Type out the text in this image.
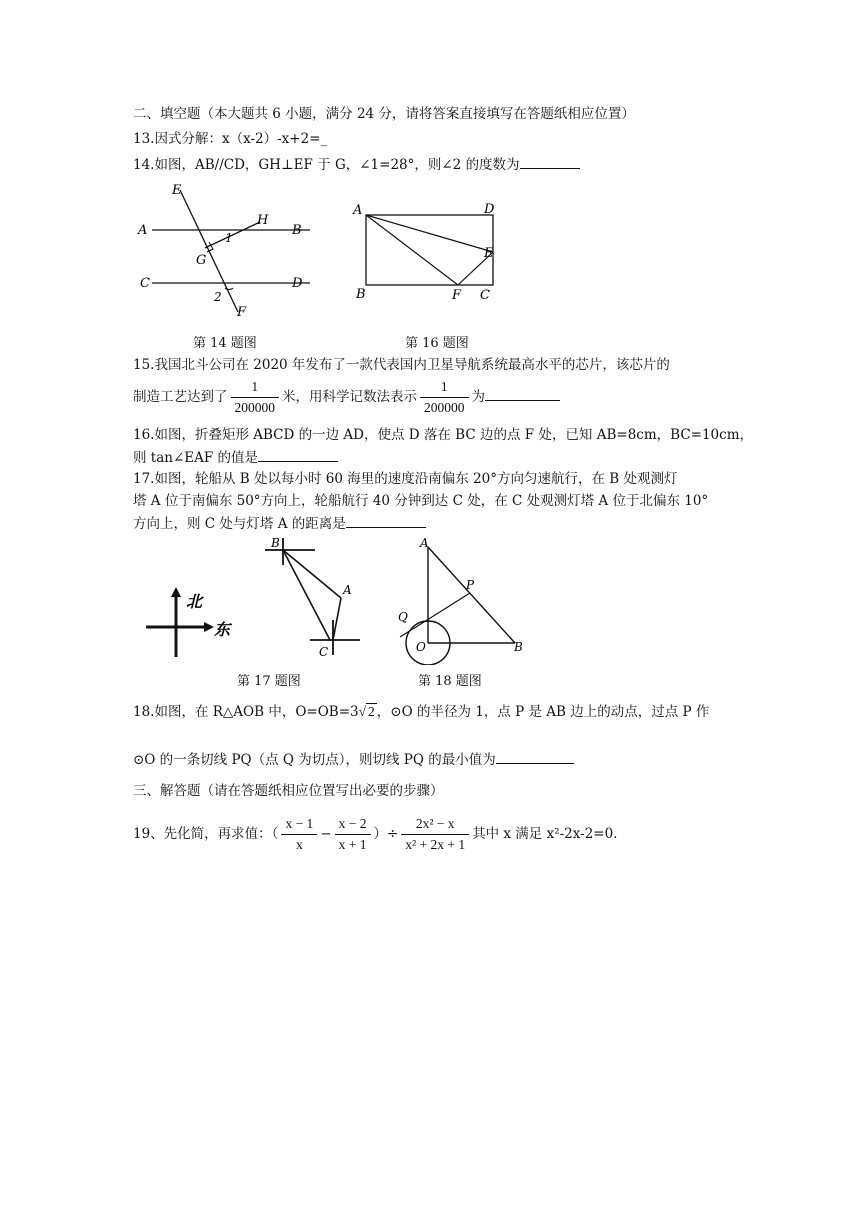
二、填空题（本大题共 6 小题，满分 24 分，请将答案直接填写在答题纸相应位置）
13.因式分解：x（x-2）-x+2=_
14.如图，AB//CD，GH⊥EF 于 G，∠1=28°，则∠2 的度数为
E
A
H
1	B
G
C
2
D
F
A	D
E
B	F C
第 14 题图	第 16 题图
15.我国北斗公司在 2020 年发布了一款代表国内卫星导航系统最高水平的芯片，该芯片的
制造工艺达到了 $\frac{1}{200000}$ 米，用科学记数法表示 $\frac{1}{200000}$ 为
16.如图，折叠矩形 ABCD 的一边 AD，使点 D 落在 BC 边的点 F 处，已知 AB=8cm，BC=10cm，
则 tan∠EAF 的值是
17.如图，轮船从 B 处以每小时 60 海里的速度沿南偏东 20°方向匀速航行，在 B 处观测灯
塔 A 位于南偏东 50°方向上，轮船航行 40 分钟到达 C 处，在 C 处观测灯塔 A 位于北偏东 10°
方向上，则 C 处与灯塔 A 的距离是
北
东
B
A
C
A
P
Q
O	B
第 17 题图	第 18 题图
18.如图，在 R△AOB 中，O=OB=3√ 2 ，⊙O 的半径为 1，点 P 是 AB 边上的动点，过点 P 作
⊙O 的一条切线 PQ（点 Q 为切点），则切线 PQ 的最小值为
三、解答题（请在答题纸相应位置写出必要的步骤）
19、先化简，再求值：（ $\frac{x - 1}{x} - \frac{x - 2}{x + 1}$ ）÷ $\frac{\text{2x² − x}}{\text{x² + 2x + 1}}$ 其中 x 满足 x²-2x-2=0.
